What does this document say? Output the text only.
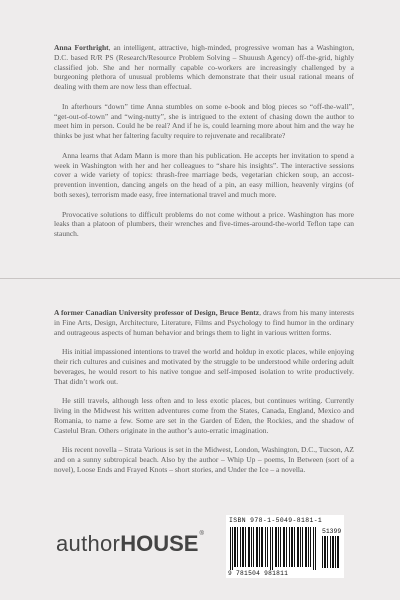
Anna Forthright, an intelligent, attractive, high-minded, progressive woman has a Washington, D.C. based R/R PS (Research/Resource Problem Solving – Shuuush Agency) off-the-grid, highly classified job. She and her normally capable co-workers are increasingly challenged by a burgeoning plethora of unusual problems which demonstrate that their usual rational means of dealing with them are now less than effectual.

In afterhours “down” time Anna stumbles on some e-book and blog pieces so “off-the-wall”, “get-out-of-town” and “wing-nutty”, she is intrigued to the extent of chasing down the author to meet him in person. Could he be real? And if he is, could learning more about him and the way he thinks be just what her faltering faculty require to rejuvenate and recalibrate?

Anna learns that Adam Mann is more than his publication. He accepts her invitation to spend a week in Washington with her and her colleagues to “share his insights”. The interactive sessions cover a wide variety of topics: thrash-free marriage beds, vegetarian chicken soup, an accost-prevention invention, dancing angels on the head of a pin, an easy million, heavenly virgins (of both sexes), terrorism made easy, free international travel and much more.

Provocative solutions to difficult problems do not come without a price. Washington has more leaks than a platoon of plumbers, their wrenches and five-times-around-the-world Teflon tape can staunch.

A former Canadian University professor of Design, Bruce Bentz, draws from his many interests in Fine Arts, Design, Architecture, Literature, Films and Psychology to find humor in the ordinary and outrageous aspects of human behavior and brings them to light in various written forms.

His initial impassioned intentions to travel the world and holdup in exotic places, while enjoying their rich cultures and cuisines and motivated by the struggle to be understood while ordering adult beverages, he would resort to his native tongue and self-imposed isolation to write productively. That didn’t work out.

He still travels, although less often and to less exotic places, but continues writing. Currently living in the Midwest his written adventures come from the States, Canada, England, Mexico and Romania, to name a few. Some are set in the Garden of Eden, the Rockies, and the shadow of Castelul Bran. Others originate in the author’s auto-erratic imagination.

His recent novella – Strata Various is set in the Midwest, London, Washington, D.C., Tucson, AZ and on a sunny subtropical beach. Also by the author – Whip Up – poems, In Between (sort of a novel), Loose Ends and Frayed Knots – short stories, and Under the Ice – a novella.

authorHOUSE®
ISBN 978-1-5049-8181-1
51399
9 781504 981811
